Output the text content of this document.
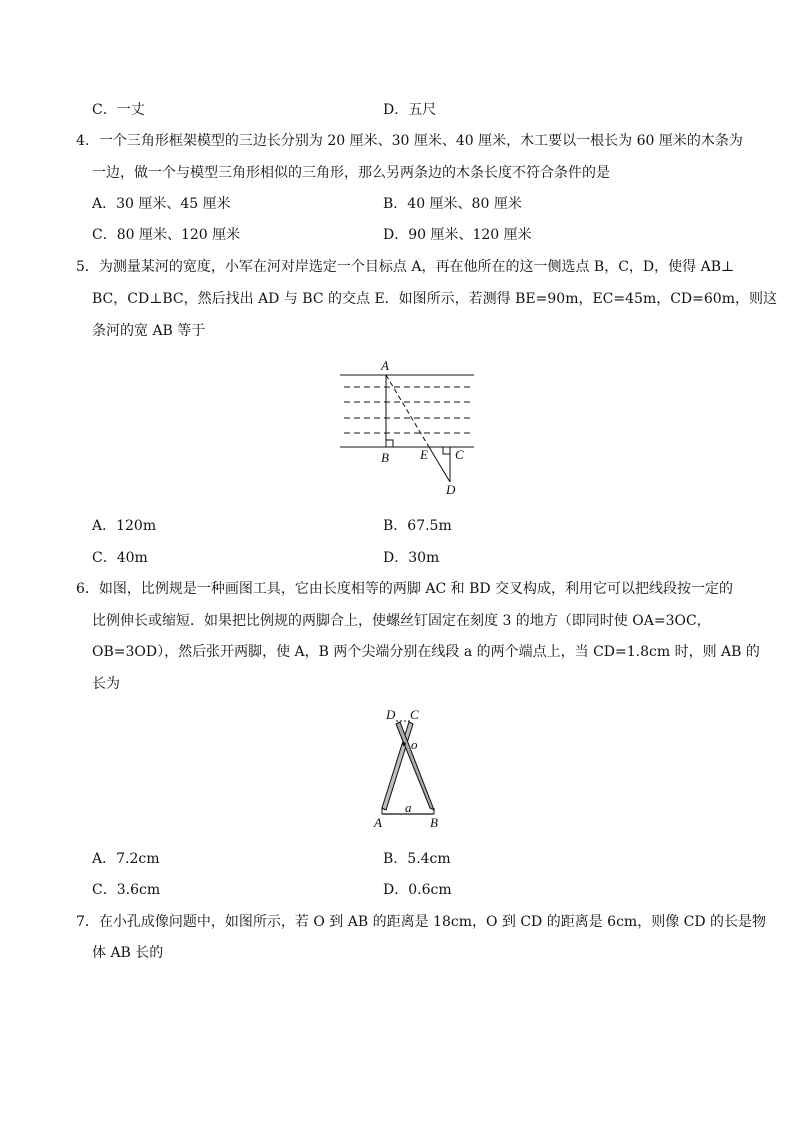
C．一丈	D．五尺
4．一个三角形框架模型的三边长分别为 20 厘米、30 厘米、40 厘米，木工要以一根长为 60 厘米的木条为
一边，做一个与模型三角形相似的三角形，那么另两条边的木条长度不符合条件的是
A．30 厘米、45 厘米	B．40 厘米、80 厘米
C．80 厘米、120 厘米	D．90 厘米、120 厘米
5．为测量某河的宽度，小军在河对岸选定一个目标点 A，再在他所在的这一侧选点 B，C，D，使得 AB⊥
BC，CD⊥BC，然后找出 AD 与 BC 的交点 E．如图所示，若测得 BE=90m，EC=45m，CD=60m，则这
条河的宽 AB 等于
A
B E C
D
A．120m	B．67.5m
C．40m	D．30m
6．如图，比例规是一种画图工具，它由长度相等的两脚 AC 和 BD 交叉构成，利用它可以把线段按一定的
比例伸长或缩短．如果把比例规的两脚合上，使螺丝钉固定在刻度 3 的地方（即同时使 OA=3OC，
OB=3OD），然后张开两脚，使 A，B 两个尖端分别在线段 a 的两个端点上，当 CD=1.8cm 时，则 AB 的
长为
D C
o
a
A	B
A．7.2cm	B．5.4cm
C．3.6cm	D．0.6cm
7．在小孔成像问题中，如图所示，若 O 到 AB 的距离是 18cm，O 到 CD 的距离是 6cm，则像 CD 的长是物
体 AB 长的
